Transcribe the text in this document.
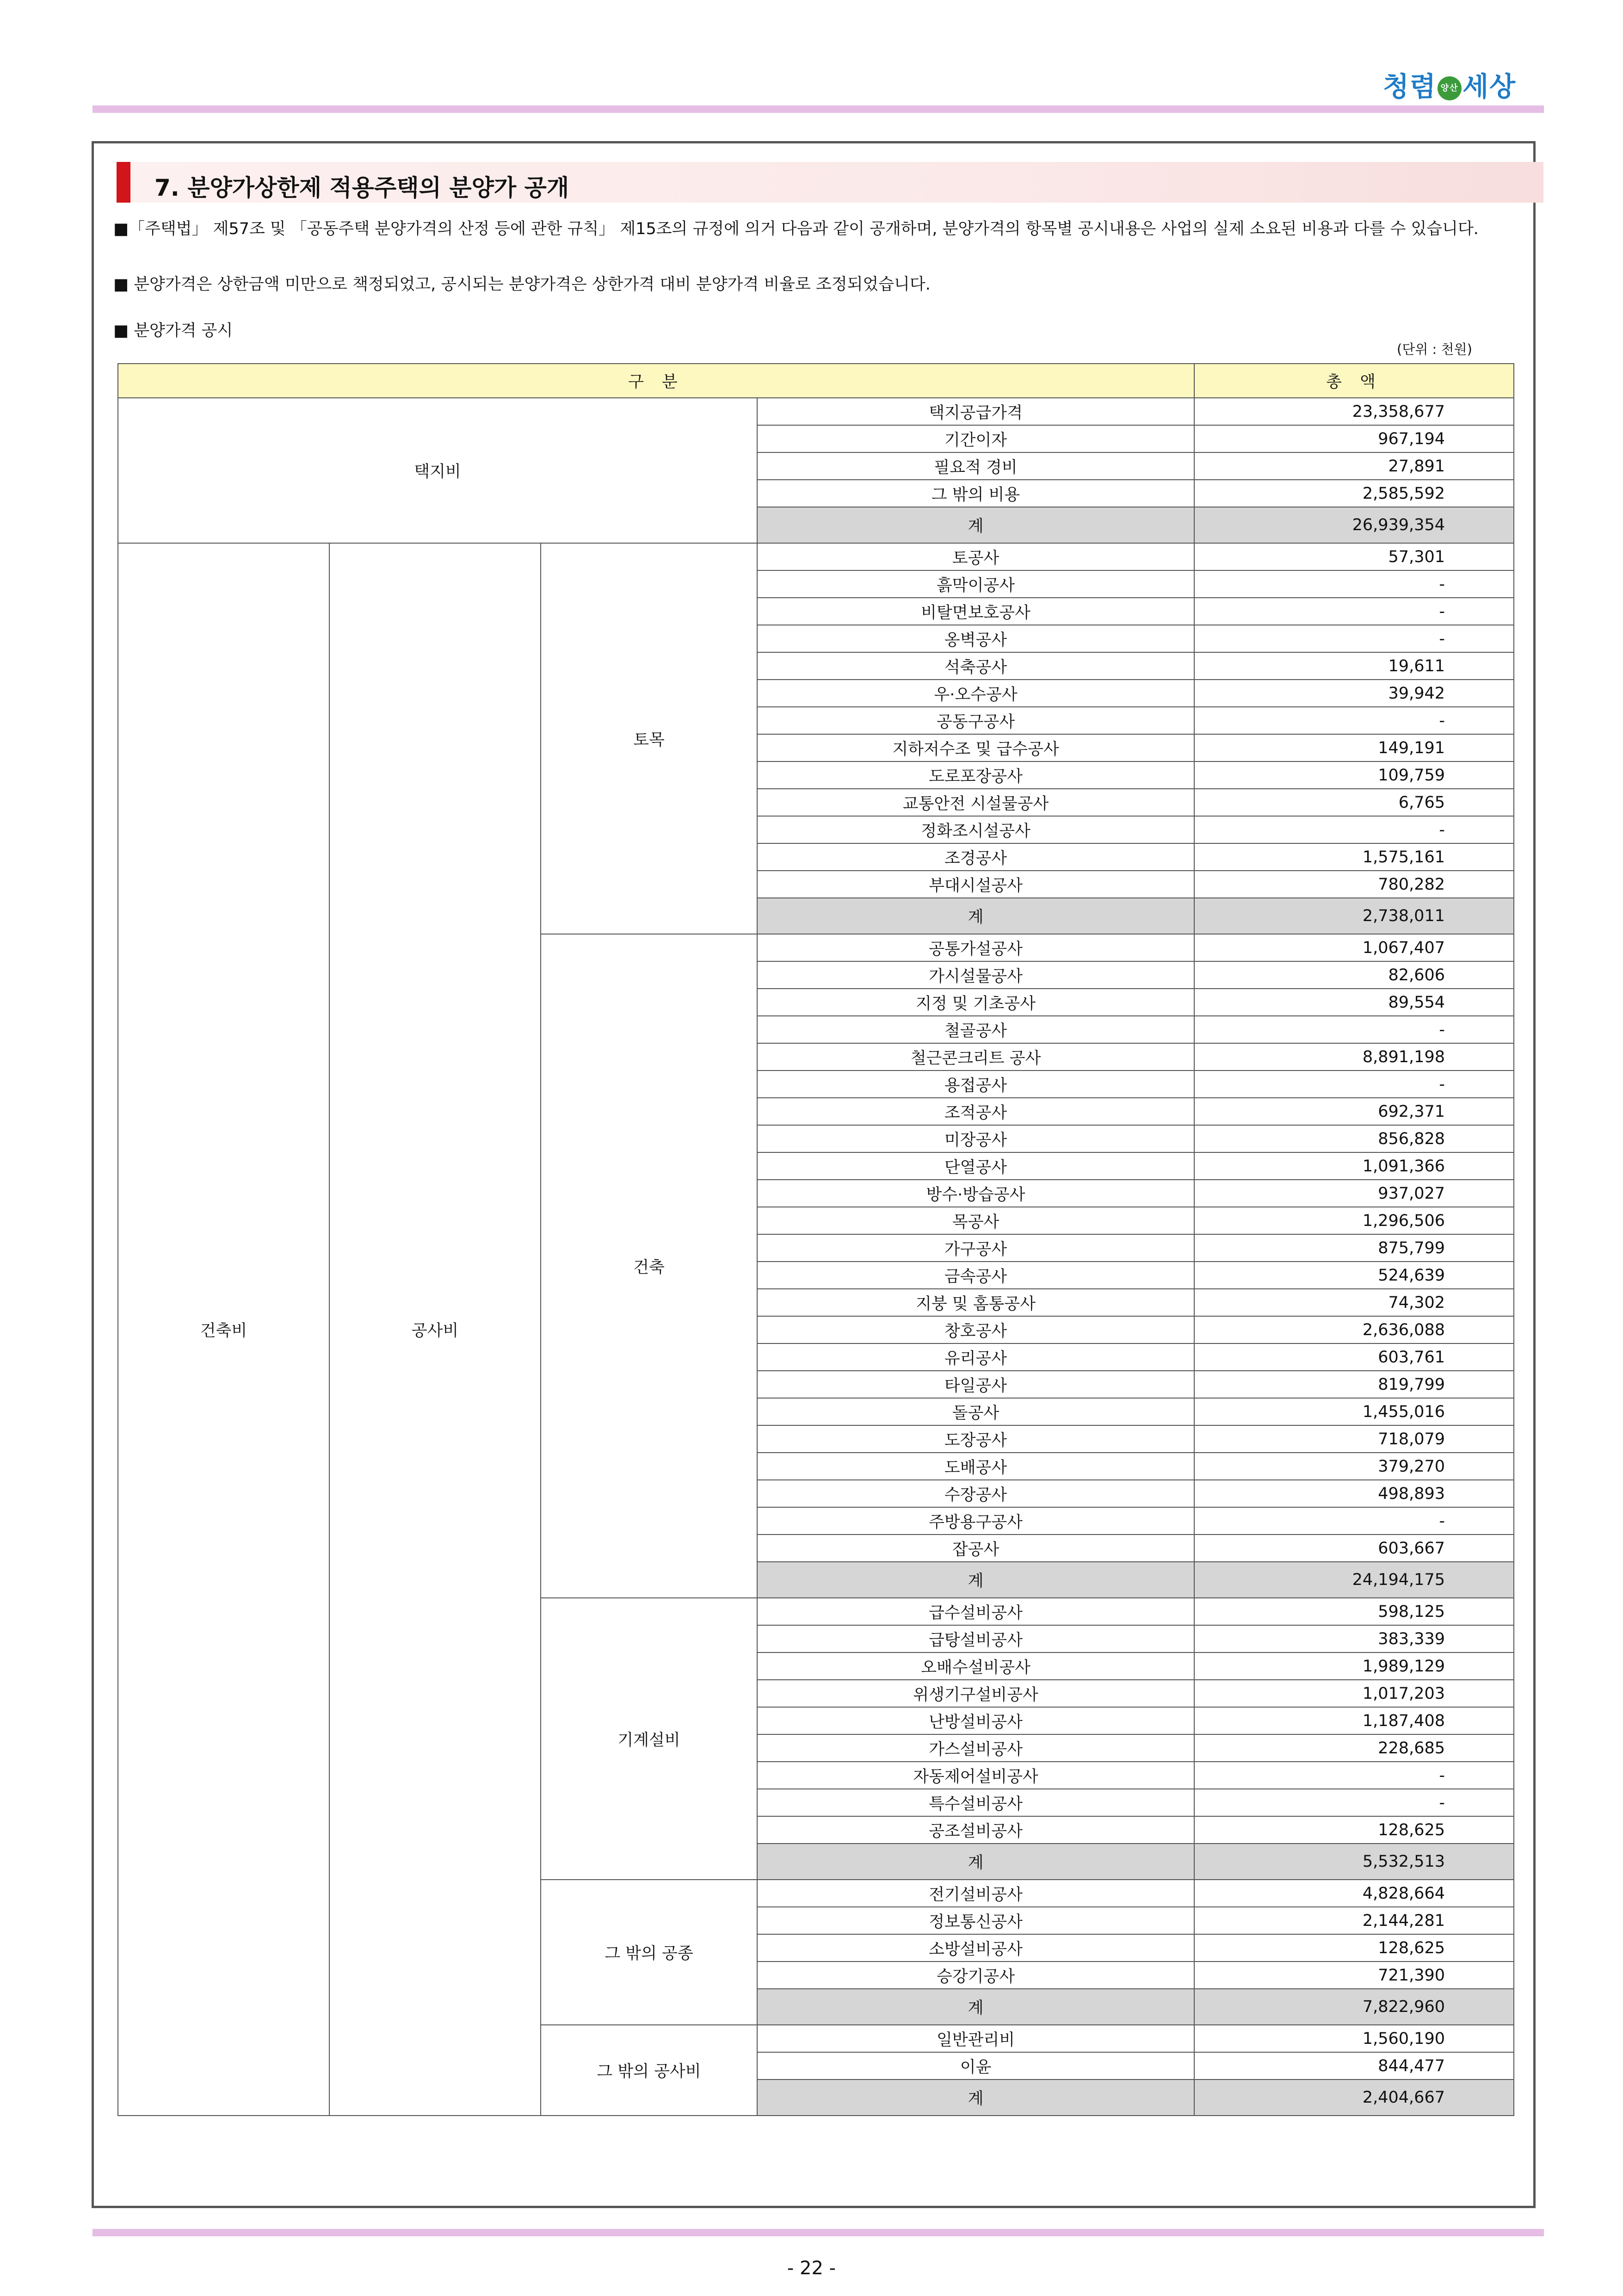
청렴 양산 세상
7. 분양가상한제 적용주택의 분양가 공개
■「주택법」 제57조 및 「공동주택 분양가격의 산정 등에 관한 규칙」 제15조의 규정에 의거 다음과 같이 공개하며, 분양가격의 항목별 공시내용은 사업의 실제 소요된 비용과 다를 수 있습니다.
■ 분양가격은 상한금액 미만으로 책정되었고, 공시되는 분양가격은 상한가격 대비 분양가격 비율로 조정되었습니다.
■ 분양가격 공시
(단위 : 천원)
구 분				총 액
택지비			택지공급가격	23,358,677
			기간이자	967,194
			필요적 경비	27,891
			그 밖의 비용	2,585,592
			계	26,939,354
건축비	공사비	토목	토공사	57,301
			흙막이공사	-
			비탈면보호공사	-
			옹벽공사	-
			석축공사	19,611
			우·오수공사	39,942
			공동구공사	-
			지하저수조 및 급수공사	149,191
			도로포장공사	109,759
			교통안전 시설물공사	6,765
			정화조시설공사	-
			조경공사	1,575,161
			부대시설공사	780,282
			계	2,738,011
		건축	공통가설공사	1,067,407
			가시설물공사	82,606
			지정 및 기초공사	89,554
			철골공사	-
			철근콘크리트 공사	8,891,198
			용접공사	-
			조적공사	692,371
			미장공사	856,828
			단열공사	1,091,366
			방수·방습공사	937,027
			목공사	1,296,506
			가구공사	875,799
			금속공사	524,639
			지붕 및 홈통공사	74,302
			창호공사	2,636,088
			유리공사	603,761
			타일공사	819,799
			돌공사	1,455,016
			도장공사	718,079
			도배공사	379,270
			수장공사	498,893
			주방용구공사	-
			잡공사	603,667
			계	24,194,175
		기계설비	급수설비공사	598,125
			급탕설비공사	383,339
			오배수설비공사	1,989,129
			위생기구설비공사	1,017,203
			난방설비공사	1,187,408
			가스설비공사	228,685
			자동제어설비공사	-
			특수설비공사	-
			공조설비공사	128,625
			계	5,532,513
		그 밖의 공종	전기설비공사	4,828,664
			정보통신공사	2,144,281
			소방설비공사	128,625
			승강기공사	721,390
			계	7,822,960
		그 밖의 공사비	일반관리비	1,560,190
			이윤	844,477
			계	2,404,667
- 22 -
